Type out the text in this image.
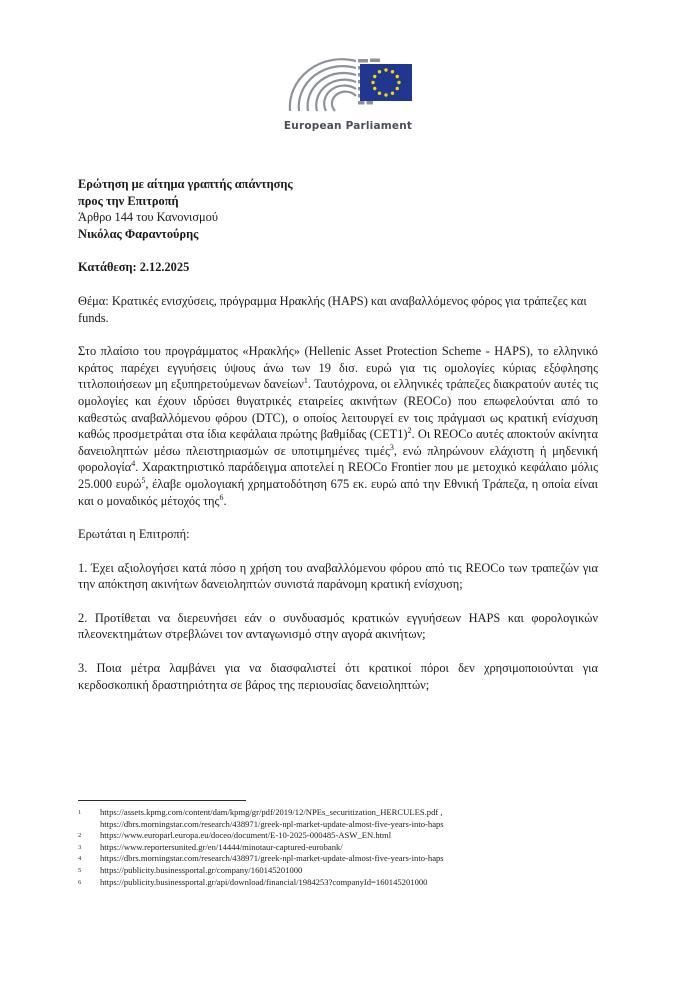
European Parliament
Ερώτηση με αίτημα γραπτής απάντησης
προς την Επιτροπή
Άρθρο 144 του Κανονισμού
Νικόλας Φαραντούρης
Κατάθεση: 2.12.2025

Θέμα: Κρατικές ενισχύσεις, πρόγραμμα Ηρακλής (HAPS) και αναβαλλόμενος φόρος για τράπεζες και funds.

Στο πλαίσιο του προγράμματος «Ηρακλής» (Hellenic Asset Protection Scheme - HAPS), το ελληνικό κράτος παρέχει εγγυήσεις ύψους άνω των 19 δισ. ευρώ για τις ομολογίες κύριας εξόφλησης τιτλοποιήσεων μη εξυπηρετούμενων δανείων$^1$. Ταυτόχρονα, οι ελληνικές τράπεζες διακρατούν αυτές τις ομολογίες και έχουν ιδρύσει θυγατρικές εταιρείες ακινήτων (REOCo) που επωφελούνται από το καθεστώς αναβαλλόμενου φόρου (DTC), ο οποίος λειτουργεί εν τοις πράγμασι ως κρατική ενίσχυση καθώς προσμετράται στα ίδια κεφάλαια πρώτης βαθμίδας $(CET1)^2$. Οι REOCo αυτές αποκτούν ακίνητα δανειοληπτών μέσω πλειστηριασμών σε υποτιμημένες τιμές$^3$, ενώ πληρώνουν ελάχιστη ή μηδενική φορολογία$^4$. Χαρακτηριστικό παράδειγμα αποτελεί η REOCo Frontier που με μετοχικό κεφάλαιο μόλις 25.000 ευρώ$^5$, έλαβε ομολογιακή χρηματοδότηση 675 εκ. ευρώ από την Εθνική Τράπεζα, η οποία είναι και ο μοναδικός μέτοχός της$^6$.

Ερωτάται η Επιτροπή:

1. Έχει αξιολογήσει κατά πόσο η χρήση του αναβαλλόμενου φόρου από τις REOCo των τραπεζών για την απόκτηση ακινήτων δανειοληπτών συνιστά παράνομη κρατική ενίσχυση;

2. Προτίθεται να διερευνήσει εάν ο συνδυασμός κρατικών εγγυήσεων HAPS και φορολογικών πλεονεκτημάτων στρεβλώνει τον ανταγωνισμό στην αγορά ακινήτων;

3. Ποια μέτρα λαμβάνει για να διασφαλιστεί ότι κρατικοί πόροι δεν χρησιμοποιούνται για κερδοσκοπική δραστηριότητα σε βάρος της περιουσίας δανειοληπτών;

1	https://assets.kpmg.com/content/dam/kpmg/gr/pdf/2019/12/NPEs_securitization_HERCULES.pdf ,
https://dbrs.morningstar.com/research/438971/greek-npl-market-update-almost-five-years-into-haps
2	https://www.europarl.europa.eu/doceo/document/E-10-2025-000485-ASW_EN.html
3	https://www.reportersunited.gr/en/14444/minotaur-captured-eurobank/
4	https://dbrs.morningstar.com/research/438971/greek-npl-market-update-almost-five-years-into-haps
5	https://publicity.businessportal.gr/company/160145201000
6	https://publicity.businessportal.gr/api/download/financial/1984253?companyId=160145201000
